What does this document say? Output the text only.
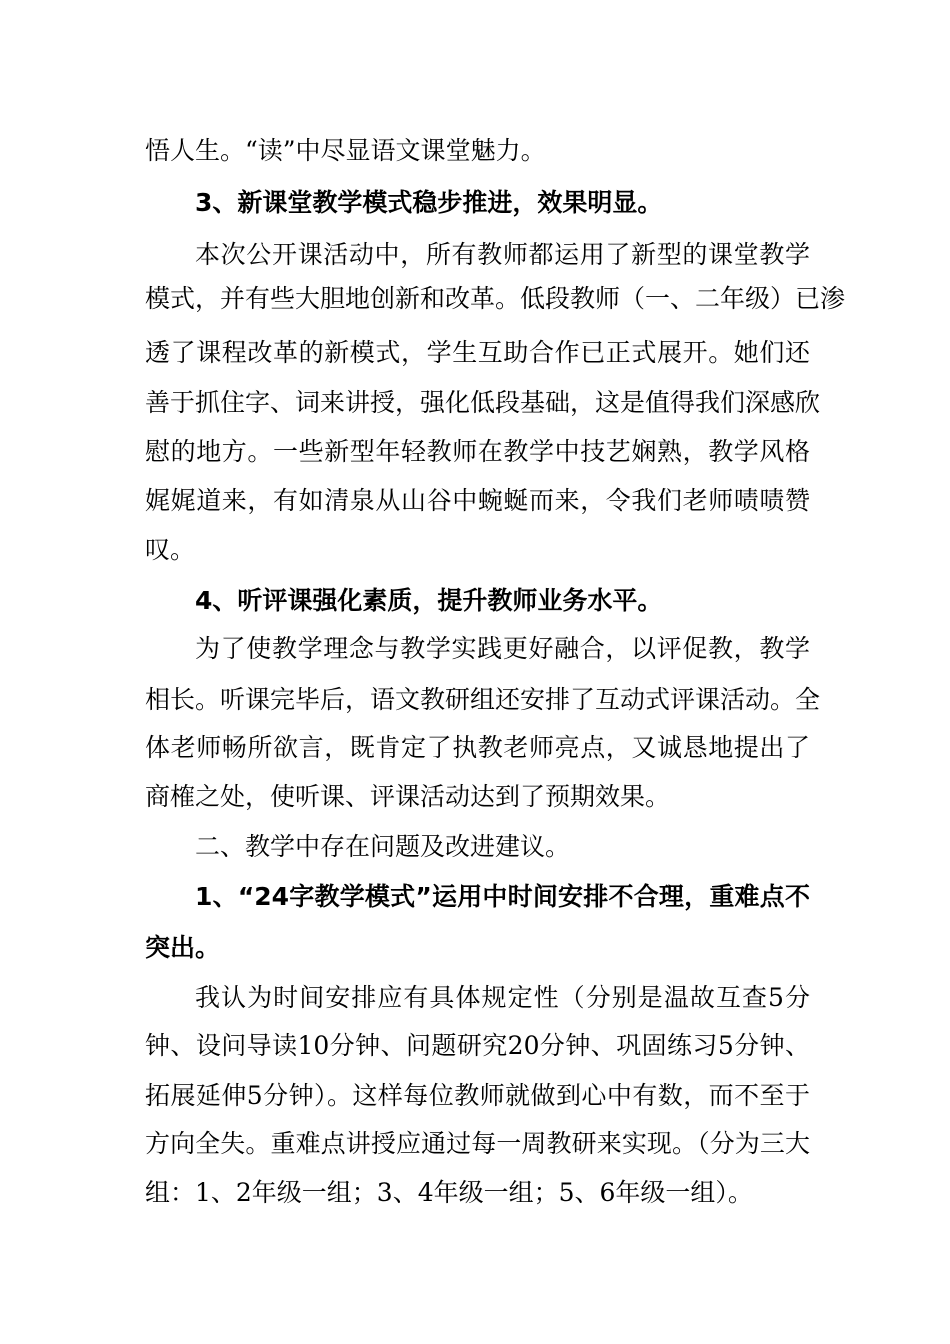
悟人生。“读”中尽显语文课堂魅力。
3、新课堂教学模式稳步推进，效果明显。
本次公开课活动中，所有教师都运用了新型的课堂教学
模式，并有些大胆地创新和改革。低段教师（一、二年级）已渗
透了课程改革的新模式，学生互助合作已正式展开。她们还
善于抓住字、词来讲授，强化低段基础，这是值得我们深感欣
慰的地方。一些新型年轻教师在教学中技艺娴熟，教学风格
娓娓道来，有如清泉从山谷中蜿蜒而来，令我们老师啧啧赞
叹。
4、听评课强化素质，提升教师业务水平。
为了使教学理念与教学实践更好融合，以评促教，教学
相长。听课完毕后，语文教研组还安排了互动式评课活动。全
体老师畅所欲言，既肯定了执教老师亮点，又诚恳地提出了
商榷之处，使听课、评课活动达到了预期效果。
二、教学中存在问题及改进建议。
1、“24字教学模式”运用中时间安排不合理，重难点不
突出。
我认为时间安排应有具体规定性（分别是温故互查5分
钟、设问导读10分钟、问题研究20分钟、巩固练习5分钟、
拓展延伸5分钟）。这样每位教师就做到心中有数，而不至于
方向全失。重难点讲授应通过每一周教研来实现。（分为三大
组：1、2年级一组；3、4年级一组；5、6年级一组）。
